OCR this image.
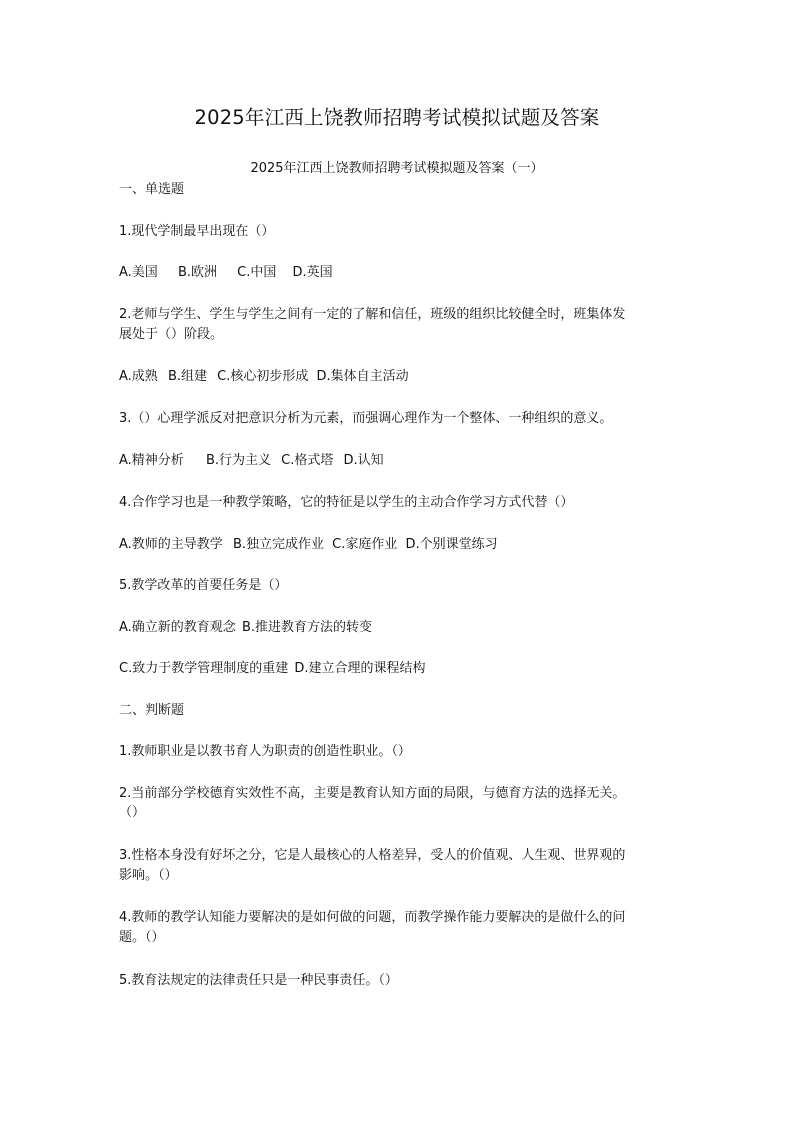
2025年江西上饶教师招聘考试模拟试题及答案
2025年江西上饶教师招聘考试模拟题及答案（一）
一、单选题
1.现代学制最早出现在（）
A.美国 B.欧洲 C.中国 D.英国
2.老师与学生、学生与学生之间有一定的了解和信任，班级的组织比较健全时，班集体发
展处于（）阶段。
A.成熟 B.组建 C.核心初步形成 D.集体自主活动
3.（）心理学派反对把意识分析为元素，而强调心理作为一个整体、一种组织的意义。
A.精神分析 B.行为主义 C.格式塔 D.认知
4.合作学习也是一种教学策略，它的特征是以学生的主动合作学习方式代替（）
A.教师的主导教学 B.独立完成作业 C.家庭作业 D.个别课堂练习
5.教学改革的首要任务是（）
A.确立新的教育观念 B.推进教育方法的转变
C.致力于教学管理制度的重建 D.建立合理的课程结构
二、判断题
1.教师职业是以教书育人为职责的创造性职业。（）
2.当前部分学校德育实效性不高，主要是教育认知方面的局限，与德育方法的选择无关。
（）
3.性格本身没有好坏之分，它是人最核心的人格差异，受人的价值观、人生观、世界观的
影响。（）
4.教师的教学认知能力要解决的是如何做的问题，而教学操作能力要解决的是做什么的问
题。（）
5.教育法规定的法律责任只是一种民事责任。（）
